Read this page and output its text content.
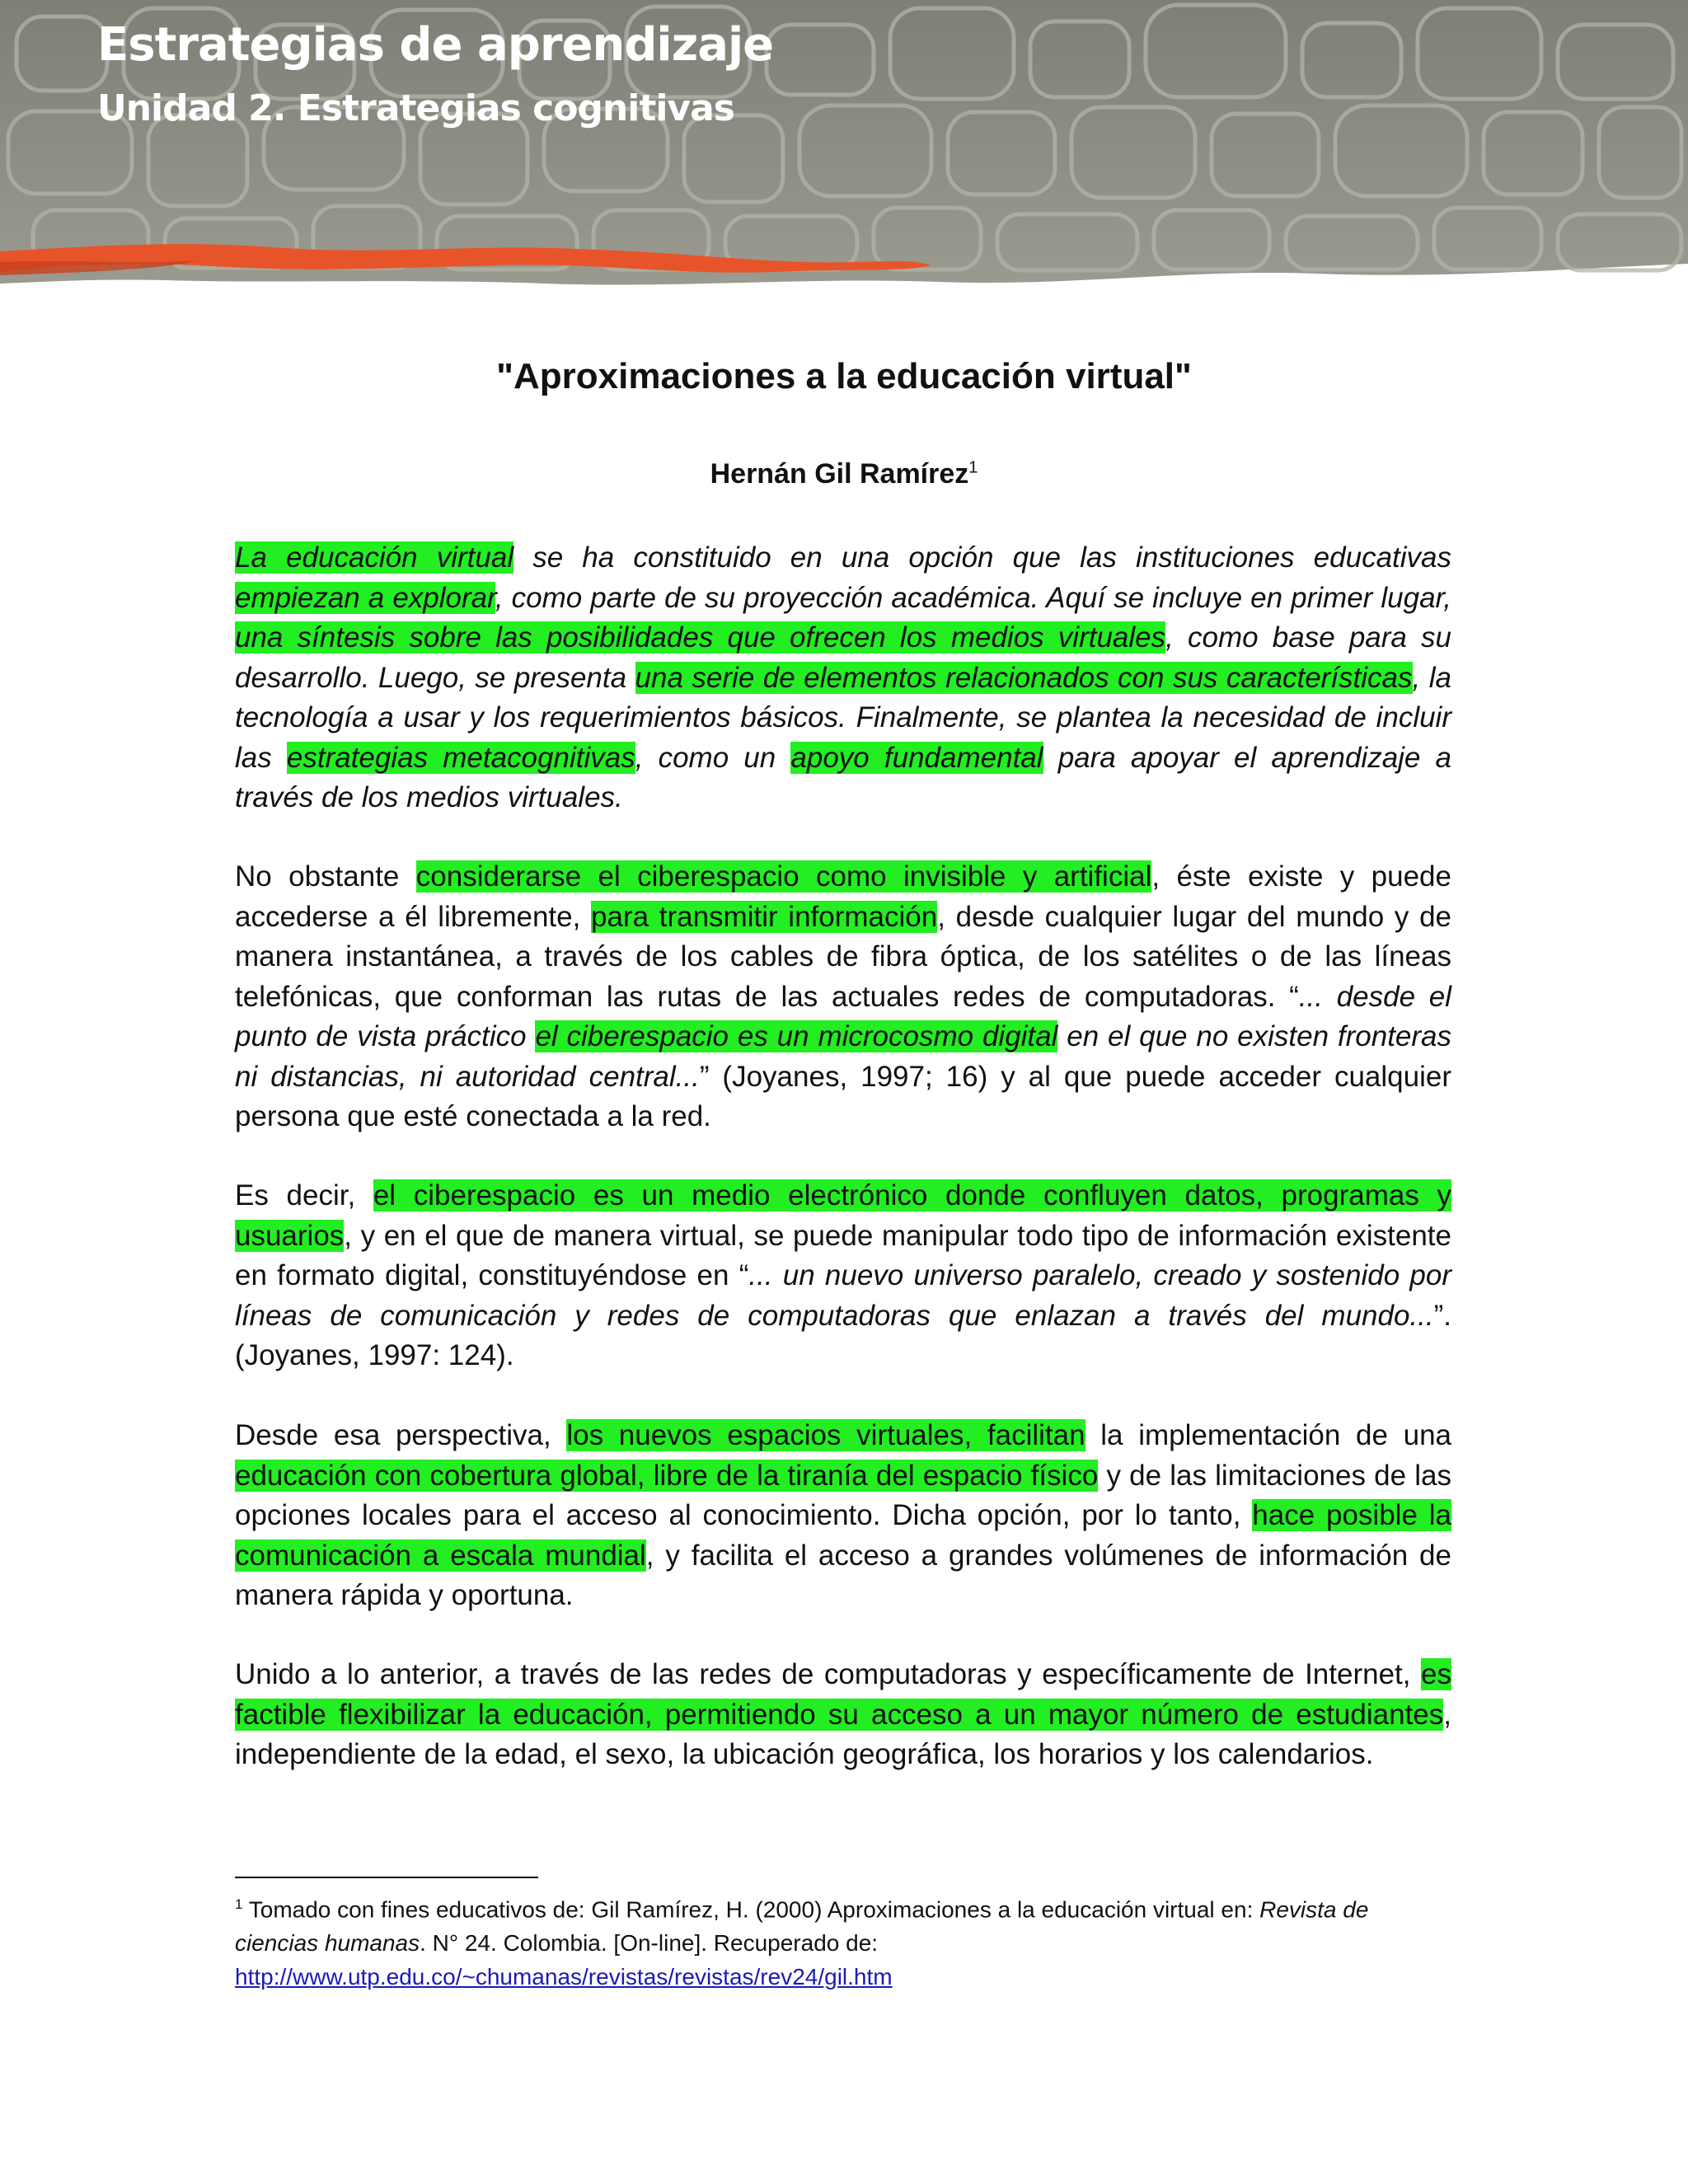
Estrategias de aprendizaje
Unidad 2. Estrategias cognitivas
"Aproximaciones a la educación virtual"
Hernán Gil Ramírez$^1$

La educación virtual se ha constituido en una opción que las instituciones educativas empiezan a explorar, como parte de su proyección académica. Aquí se incluye en primer lugar, una síntesis sobre las posibilidades que ofrecen los medios virtuales, como base para su desarrollo. Luego, se presenta una serie de elementos relacionados con sus características, la tecnología a usar y los requerimientos básicos. Finalmente, se plantea la necesidad de incluir las estrategias metacognitivas, como un apoyo fundamental para apoyar el aprendizaje a través de los medios virtuales.

No obstante considerarse el ciberespacio como invisible y artificial, éste existe y puede accederse a él libremente, para transmitir información, desde cualquier lugar del mundo y de manera instantánea, a través de los cables de fibra óptica, de los satélites o de las líneas telefónicas, que conforman las rutas de las actuales redes de computadoras. “... desde el punto de vista práctico el ciberespacio es un microcosmo digital en el que no existen fronteras ni distancias, ni autoridad central...” (Joyanes, 1997; 16) y al que puede acceder cualquier persona que esté conectada a la red.

Es decir, el ciberespacio es un medio electrónico donde confluyen datos, programas y usuarios, y en el que de manera virtual, se puede manipular todo tipo de información existente en formato digital, constituyéndose en “... un nuevo universo paralelo, creado y sostenido por líneas de comunicación y redes de computadoras que enlazan a través del mundo...”. (Joyanes, 1997: 124).

Desde esa perspectiva, los nuevos espacios virtuales, facilitan la implementación de una educación con cobertura global, libre de la tiranía del espacio físico y de las limitaciones de las opciones locales para el acceso al conocimiento. Dicha opción, por lo tanto, hace posible la comunicación a escala mundial, y facilita el acceso a grandes volúmenes de información de manera rápida y oportuna.

Unido a lo anterior, a través de las redes de computadoras y específicamente de Internet, es factible flexibilizar la educación, permitiendo su acceso a un mayor número de estudiantes, independiente de la edad, el sexo, la ubicación geográfica, los horarios y los calendarios.

$^1$ Tomado con fines educativos de: Gil Ramírez, H. (2000) Aproximaciones a la educación virtual en: Revista de ciencias humanas. N° 24. Colombia. [On-line]. Recuperado de:
http://www.utp.edu.co/~chumanas/revistas/revistas/rev24/gil.htm
